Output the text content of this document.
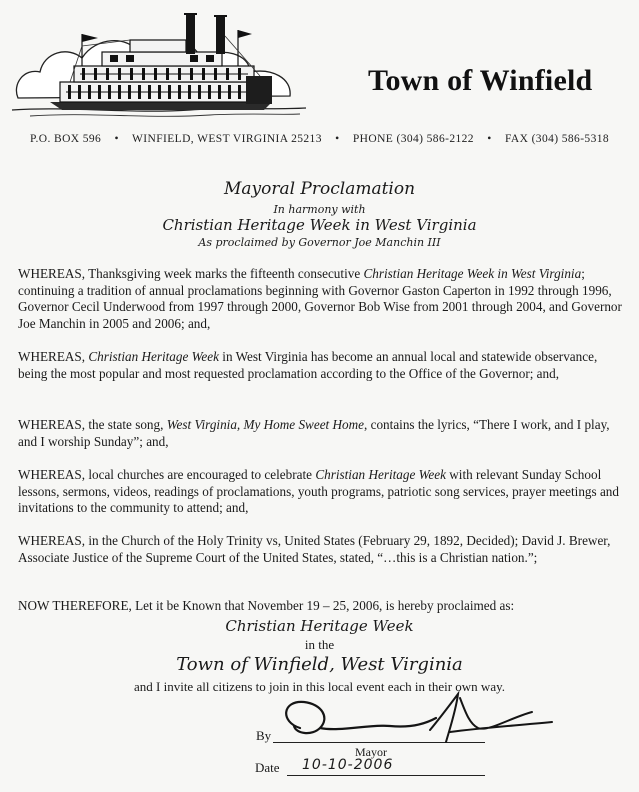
Town of Winfield
P.O. BOX 596 • WINFIELD, WEST VIRGINIA 25213 • PHONE (304) 586-2122 • FAX (304) 586-5318
Mayoral Proclamation
In harmony with
Christian Heritage Week in West Virginia
As proclaimed by Governor Joe Manchin III
WHEREAS, Thanksgiving week marks the fifteenth consecutive Christian Heritage Week in West Virginia; continuing a tradition of annual proclamations beginning with Governor Gaston Caperton in 1992 through 1996, Governor Cecil Underwood from 1997 through 2000, Governor Bob Wise from 2001 through 2004, and Governor Joe Manchin in 2005 and 2006; and,
WHEREAS, Christian Heritage Week in West Virginia has become an annual local and statewide observance, being the most popular and most requested proclamation according to the Office of the Governor; and,
WHEREAS, the state song, West Virginia, My Home Sweet Home, contains the lyrics, “There I work, and I play, and I worship Sunday”; and,
WHEREAS, local churches are encouraged to celebrate Christian Heritage Week with relevant Sunday School lessons, sermons, videos, readings of proclamations, youth programs, patriotic song services, prayer meetings and invitations to the community to attend; and,
WHEREAS, in the Church of the Holy Trinity vs, United States (February 29, 1892, Decided); David J. Brewer, Associate Justice of the Supreme Court of the United States, stated, “…this is a Christian nation.”;
NOW THEREFORE, Let it be Known that November 19 – 25, 2006, is hereby proclaimed as:
Christian Heritage Week
in the
Town of Winfield, West Virginia
and I invite all citizens to join in this local event each in their own way.
By
Mayor
Date 10-10-2006
